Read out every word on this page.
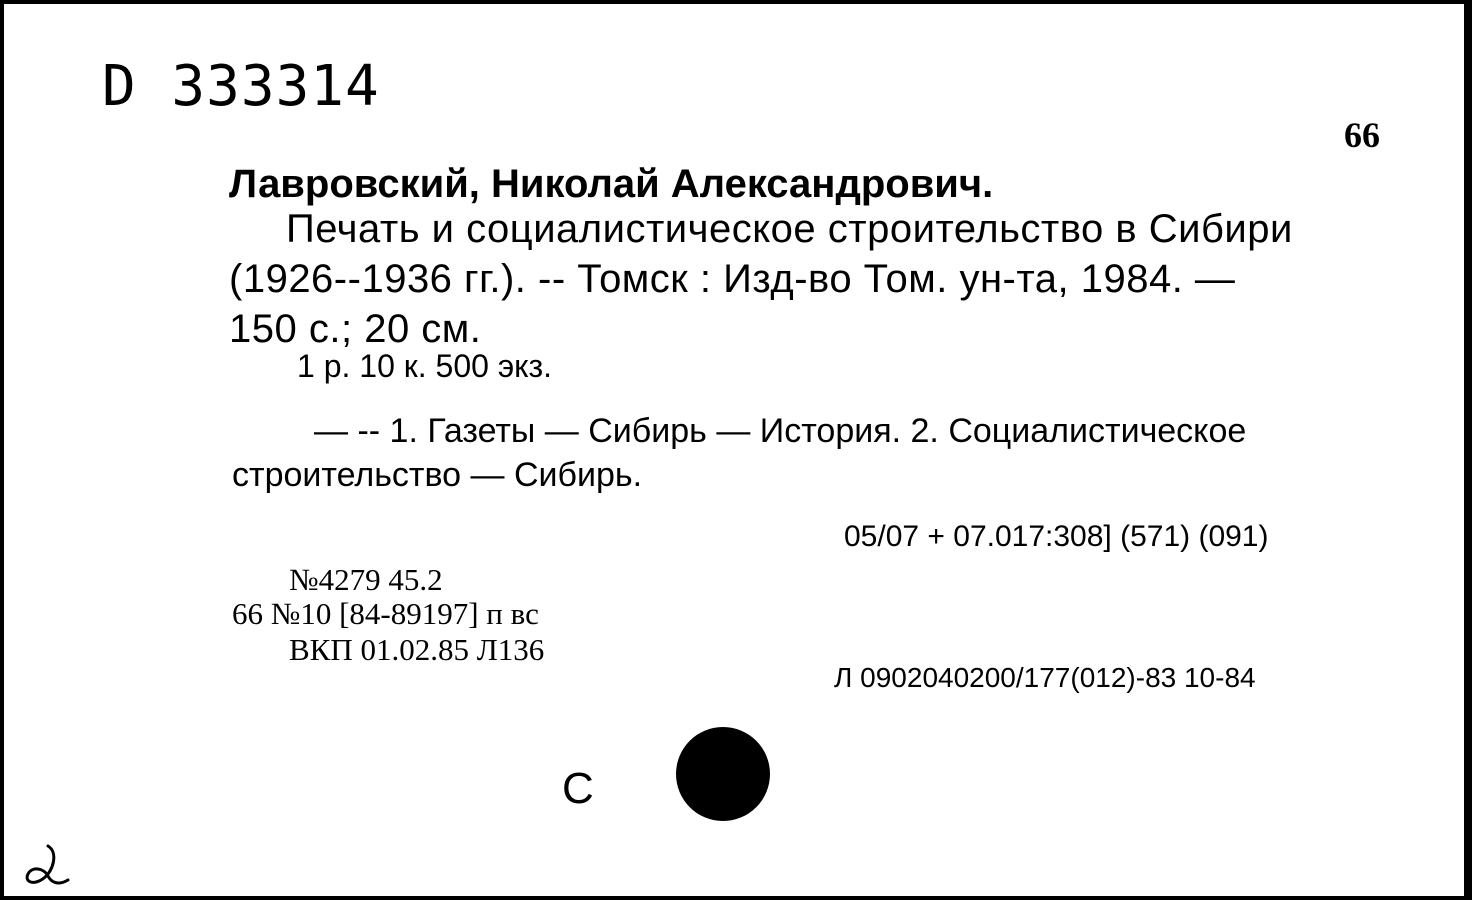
D 333314
66
Лавровский, Николай Александрович.
Печать и социалистическое строительство в Сибири
(1926--1936 гг.). -- Томск : Изд-во Том. ун-та, 1984. —
150 с.; 20 см.
1 р. 10 к. 500 экз.
— -- 1. Газеты — Сибирь — История. 2. Социалистическое
строительство — Сибирь.
05/07 + 07.017:308] (571) (091)
№4279 45.2
66 №10 [84-89197] п вс
ВКП 01.02.85 Л136
Л 0902040200/177(012)-83 10-84
С
